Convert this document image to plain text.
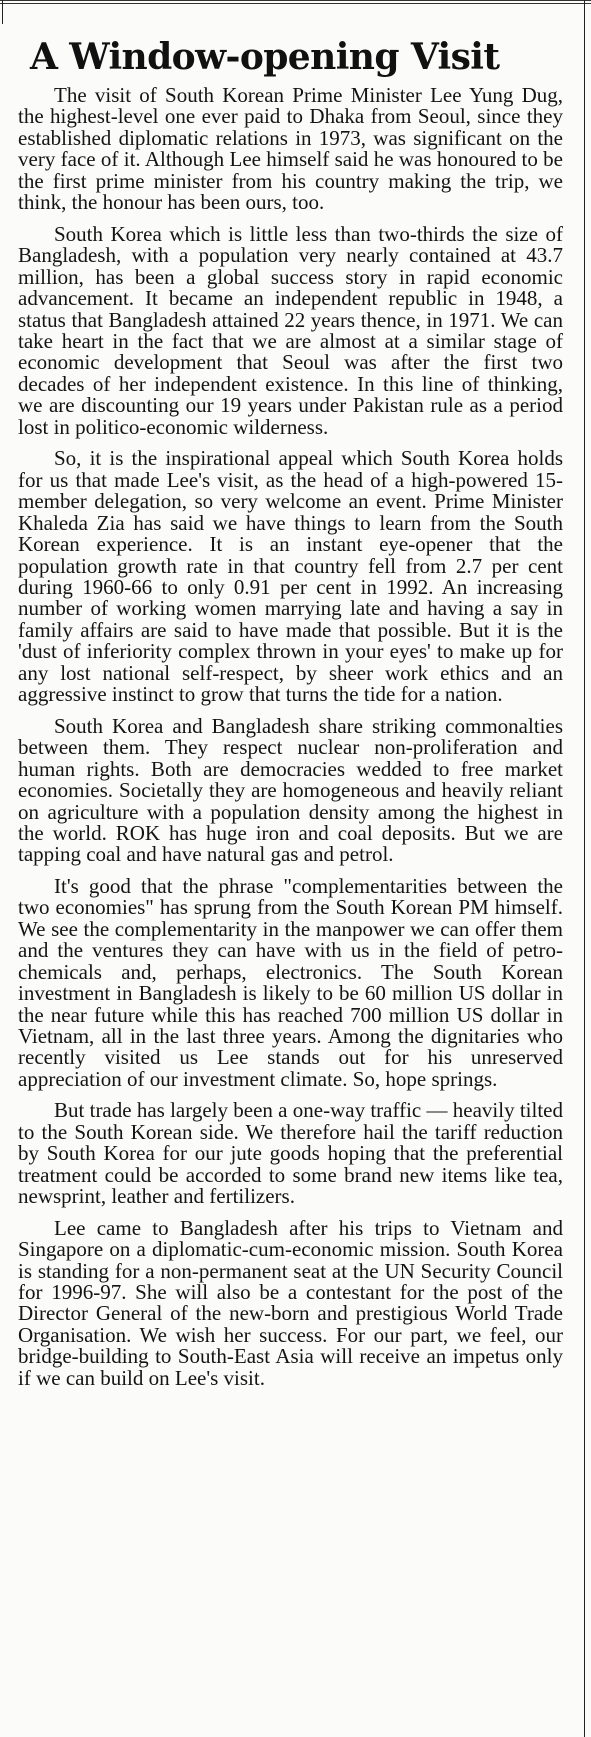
A Window-opening Visit

The visit of South Korean Prime Minister Lee Yung Dug, the highest-level one ever paid to Dhaka from Seoul, since they established diplomatic relations in 1973, was significant on the very face of it. Although Lee himself said he was honoured to be the first prime minister from his country making the trip, we think, the honour has been ours, too.

South Korea which is little less than two-thirds the size of Bangladesh, with a population very nearly contained at 43.7 million, has been a global success story in rapid economic advancement. It became an independent republic in 1948, a status that Bangladesh attained 22 years thence, in 1971. We can take heart in the fact that we are almost at a similar stage of economic development that Seoul was after the first two decades of her independent existence. In this line of thinking, we are discounting our 19 years under Pakistan rule as a period lost in politico-economic wilderness.

So, it is the inspirational appeal which South Korea holds for us that made Lee's visit, as the head of a high-powered 15-member delegation, so very welcome an event. Prime Minister Khaleda Zia has said we have things to learn from the South Korean experience. It is an instant eye-opener that the population growth rate in that country fell from 2.7 per cent during 1960-66 to only 0.91 per cent in 1992. An increasing number of working women marrying late and having a say in family affairs are said to have made that possible. But it is the 'dust of inferiority complex thrown in your eyes' to make up for any lost national self-respect, by sheer work ethics and an aggressive instinct to grow that turns the tide for a nation.

South Korea and Bangladesh share striking commonalties between them. They respect nuclear non-proliferation and human rights. Both are democracies wedded to free market economies. Societally they are homogeneous and heavily reliant on agriculture with a population density among the highest in the world. ROK has huge iron and coal deposits. But we are tapping coal and have natural gas and petrol.

It's good that the phrase "complementarities between the two economies" has sprung from the South Korean PM himself. We see the complementarity in the manpower we can offer them and the ventures they can have with us in the field of petro-chemicals and, perhaps, electronics. The South Korean investment in Bangladesh is likely to be 60 million US dollar in the near future while this has reached 700 million US dollar in Vietnam, all in the last three years. Among the dignitaries who recently visited us Lee stands out for his unreserved appreciation of our investment climate. So, hope springs.

But trade has largely been a one-way traffic — heavily tilted to the South Korean side. We therefore hail the tariff reduction by South Korea for our jute goods hoping that the preferential treatment could be accorded to some brand new items like tea, newsprint, leather and fertilizers.

Lee came to Bangladesh after his trips to Vietnam and Singapore on a diplomatic-cum-economic mission. South Korea is standing for a non-permanent seat at the UN Security Council for 1996-97. She will also be a contestant for the post of the Director General of the new-born and prestigious World Trade Organisation. We wish her success. For our part, we feel, our bridge-building to South-East Asia will receive an impetus only if we can build on Lee's visit.
